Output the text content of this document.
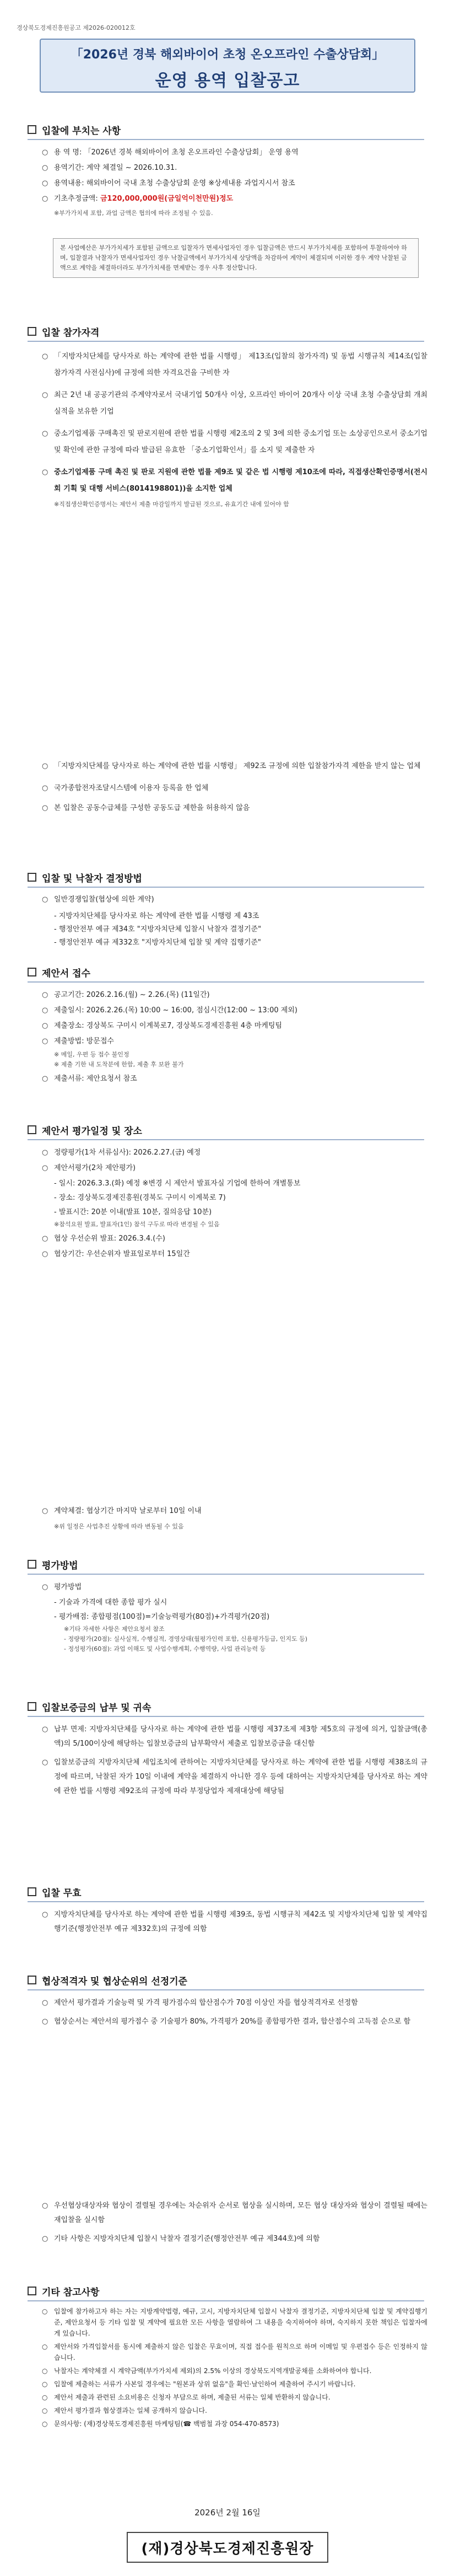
경상북도경제진흥원공고 제2026-020012호
「2026년 경북 해외바이어 초청 온오프라인 수출상담회」
운영 용역 입찰공고
입찰에 부치는 사항
○ 용 역 명: 「2026년 경북 해외바이어 초청 온오프라인 수출상담회」 운영 용역
○ 용역기간: 계약 체결일 ~ 2026.10.31.
○ 용역내용: 해외바이어 국내 초청 수출상담회 운영 ※상세내용 과업지시서 참조
○ 기초추정금액: 금120,000,000원(금일억이천만원)정도
※부가가치세 포함, 과업 금액은 협의에 따라 조정될 수 있음.
본 사업예산은 부가가치세가 포함된 금액으로 입찰자가 면세사업자인 경우 입찰금액은 반드시 부가가치세를 포함하여 투찰하여야 하며, 입찰결과 낙찰자가 면세사업자인 경우 낙찰금액에서 부가가치세 상당액을 차감하여 계약이 체결되며 이러한 경우 계약 낙찰된 금액으로 계약을 체결하더라도 부가가치세를 면제받는 경우 사후 정산합니다.
입찰 참가자격
○ 「지방자치단체를 당사자로 하는 계약에 관한 법률 시행령」 제13조(입찰의 참가자격) 및 동법 시행규칙 제14조(입찰 참가자격 사전심사)에 규정에 의한 자격요건을 구비한 자
○ 최근 2년 내 공공기관의 주계약자로서 국내기업 50개사 이상, 오프라인 바이어 20개사 이상 국내 초청 수출상담회 개최 실적을 보유한 기업
○ 중소기업제품 구매촉진 및 판로지원에 관한 법률 시행령 제2조의 2 및 3에 의한 중소기업 또는 소상공인으로서 중소기업 및 확인에 관한 규정에 따라 발급된 유효한 「중소기업확인서」를 소지 및 제출한 자
○ 중소기업제품 구매 촉진 및 판로 지원에 관한 법률 제9조 및 같은 법 시행령 제10조에 따라, 직접생산확인증명서(전시회 기획 및 대행 서비스(8014198801))을 소지한 업체
※직접생산확인증명서는 제안서 제출 마감일까지 발급된 것으로, 유효기간 내에 있어야 함
○ 「지방자치단체를 당사자로 하는 계약에 관한 법률 시행령」 제92조 규정에 의한 입찰참가자격 제한을 받지 않는 업체
○ 국가종합전자조달시스템에 이용자 등록을 한 업체
○ 본 입찰은 공동수급체를 구성한 공동도급 제한을 허용하지 않음
입찰 및 낙찰자 결정방법
○ 일반경쟁입찰(협상에 의한 계약)
- 지방자치단체를 당사자로 하는 계약에 관한 법률 시행령 제 43조
- 행정안전부 예규 제34호 "지방자치단체 입찰시 낙찰자 결정기준"
- 행정안전부 예규 제332호 "지방자치단체 입찰 및 계약 집행기준"
제안서 접수
○ 공고기간: 2026.2.16.(월) ~ 2.26.(목) (11일간)
○ 제출일시: 2026.2.26.(목) 10:00 ~ 16:00, 점심시간(12:00 ~ 13:00 제외)
○ 제출장소: 경상북도 구미시 이계북로7, 경상북도경제진흥원 4층 마케팅팀
○ 제출방법: 방문접수
※ 메일, 우편 등 접수 불인정
※ 제출 기한 내 도착분에 한함, 제출 후 보완 불가
○ 제출서류: 제안요청서 참조
제안서 평가일정 및 장소
○ 정량평가(1차 서류심사): 2026.2.27.(금) 예정
○ 제안서평가(2차 제안평가)
- 일시: 2026.3.3.(화) 예정 ※변경 시 제안서 발표자실 기업에 한하여 개별통보
- 장소: 경상북도경제진흥원(경북도 구미시 이계북로 7)
- 발표시간: 20분 이내(발표 10분, 질의응답 10분)
※참석요원 발표, 발표자(1인) 참석 구두로 따라 변경될 수 있음
○ 협상 우선순위 발표: 2026.3.4.(수)
○ 협상기간: 우선순위자 발표일로부터 15일간
○ 계약체결: 협상기간 마지막 날로부터 10일 이내
※위 일정은 사업추진 상황에 따라 변동될 수 있음
평가방법
○ 평가방법
- 기술과 가격에 대한 종합 평가 실시
- 평가배점: 종합평점(100점)=기술능력평가(80점)+가격평가(20점)
※기타 자세한 사항은 제안요청서 참조
- 정량평가(20점): 실사실적, 수행실적, 경영상태(월평가인력 포함, 신용평가등급, 인지도 등)
- 정성평가(60점): 과업 이해도 및 사업수행계획, 수행역량, 사업 관리능력 등
입찰보증금의 납부 및 귀속
○ 납부 면제: 지방자치단체를 당사자로 하는 계약에 관한 법률 시행령 제37조제 제3항 제5호의 규정에 의거, 입찰금액(총액)의 5/100이상에 해당하는 입찰보증금의 납부확약서 제출로 입찰보증금을 대신함
○ 입찰보증금의 지방자치단체 세입조치에 관하여는 지방자치단체를 당사자로 하는 계약에 관한 법률 시행령 제38조의 규정에 따르며, 낙찰된 자가 10일 이내에 계약을 체결하지 아니한 경우 등에 대하여는 지방자치단체를 당사자로 하는 계약에 관한 법률 시행령 제92조의 규정에 따라 부정당업자 제재대상에 해당됨
입찰 무효
○ 지방자치단체를 당사자로 하는 계약에 관한 법률 시행령 제39조, 동법 시행규칙 제42조 및 지방자치단체 입찰 및 계약집행기준(행정안전부 예규 제332호)의 규정에 의함
협상적격자 및 협상순위의 선정기준
○ 제안서 평가결과 기술능력 및 가격 평가점수의 합산점수가 70점 이상인 자를 협상적격자로 선정함
○ 협상순서는 제안서의 평가점수 중 기술평가 80%, 가격평가 20%를 종합평가한 결과, 합산점수의 고득점 순으로 함
○ 우선협상대상자와 협상이 결렬될 경우에는 차순위자 순서로 협상을 실시하며, 모든 협상 대상자와 협상이 결렬될 때에는 재입찰을 실시함
○ 기타 사항은 지방자치단체 입찰시 낙찰자 결정기준(행정안전부 예규 제344호)에 의함
기타 참고사항
○ 입찰에 참가하고자 하는 자는 지방계약법령, 예규, 고시, 지방자치단체 입찰시 낙찰자 결정기준, 지방자치단체 입찰 및 계약집행기준, 제안요청서 등 기타 입찰 및 계약에 필요한 모든 사항을 열람하여 그 내용을 숙지하여야 하며, 숙지하지 못한 책임은 입찰자에게 있습니다.
○ 제안서와 가격입찰서를 동시에 제출하지 않은 입찰은 무효이며, 직접 접수를 원칙으로 하며 이메일 및 우편접수 등은 인정하지 않습니다.
○ 낙찰자는 계약체결 시 계약금액(부가가치세 제외)의 2.5% 이상의 경상북도지역개발공채를 소화하여야 합니다.
○ 입찰에 제출하는 서류가 사본일 경우에는 "원본과 상위 없음"을 확인·날인하여 제출하여 주시기 바랍니다.
○ 제안서 제출과 관련된 소요비용은 신청자 부담으로 하며, 제출된 서류는 일체 반환하지 않습니다.
○ 제안서 평가결과 협상결과는 일체 공개하지 않습니다.
○ 문의사항: (재)경상북도경제진흥원 마케팅팀(☎ 백범철 과장 054-470-8573)
2026년 2월 16일
(재)경상북도경제진흥원장
